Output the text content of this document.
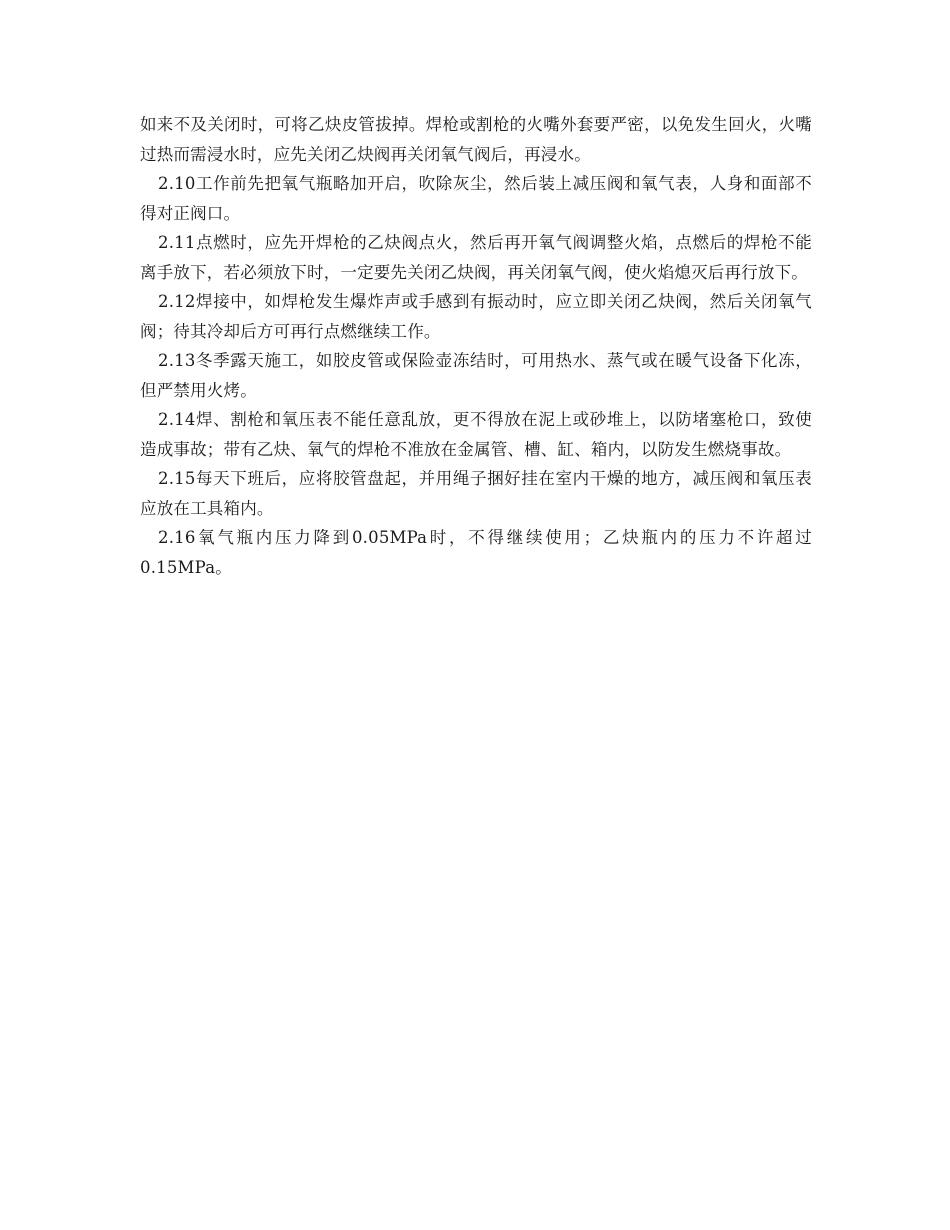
如来不及关闭时，可将乙炔皮管拔掉。焊枪或割枪的火嘴外套要严密，以免发生回火，火嘴过热而需浸水时，应先关闭乙炔阀再关闭氧气阀后，再浸水。

2.10工作前先把氧气瓶略加开启，吹除灰尘，然后装上减压阀和氧气表，人身和面部不得对正阀口。

2.11点燃时，应先开焊枪的乙炔阀点火，然后再开氧气阀调整火焰，点燃后的焊枪不能离手放下，若必须放下时，一定要先关闭乙炔阀，再关闭氧气阀，使火焰熄灭后再行放下。

2.12焊接中，如焊枪发生爆炸声或手感到有振动时，应立即关闭乙炔阀，然后关闭氧气阀；待其冷却后方可再行点燃继续工作。

2.13冬季露天施工，如胶皮管或保险壶冻结时，可用热水、蒸气或在暖气设备下化冻，但严禁用火烤。

2.14焊、割枪和氧压表不能任意乱放，更不得放在泥上或砂堆上，以防堵塞枪口，致使造成事故；带有乙炔、氧气的焊枪不准放在金属管、槽、缸、箱内，以防发生燃烧事故。

2.15每天下班后，应将胶管盘起，并用绳子捆好挂在室内干燥的地方，减压阀和氧压表应放在工具箱内。

2.16氧气瓶内压力降到0.05MPa时，不得继续使用；乙炔瓶内的压力不许超过0.15MPa。
